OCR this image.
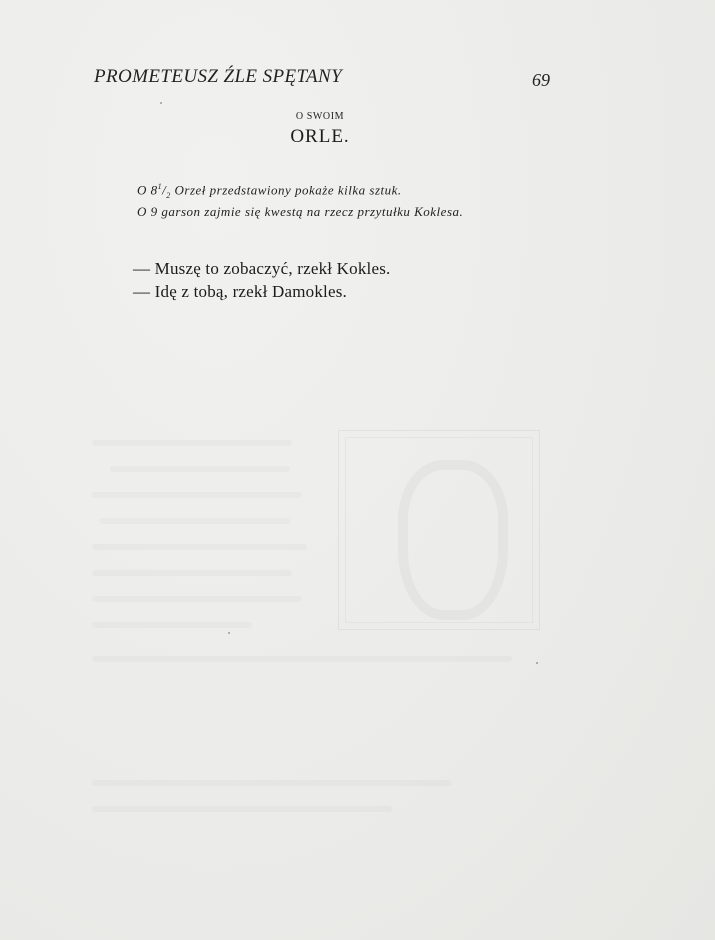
PROMETEUSZ ŹLE SPĘTANY	69
O SWOIM
ORLE.
O $8^1/_2$ Orzeł przedstawiony pokaże kilka sztuk.
O 9 garson zajmie się kwestą na rzecz przytułku Koklesa.
— Muszę to zobaczyć, rzekł Kokles.
— Idę z tobą, rzekł Damokles.
